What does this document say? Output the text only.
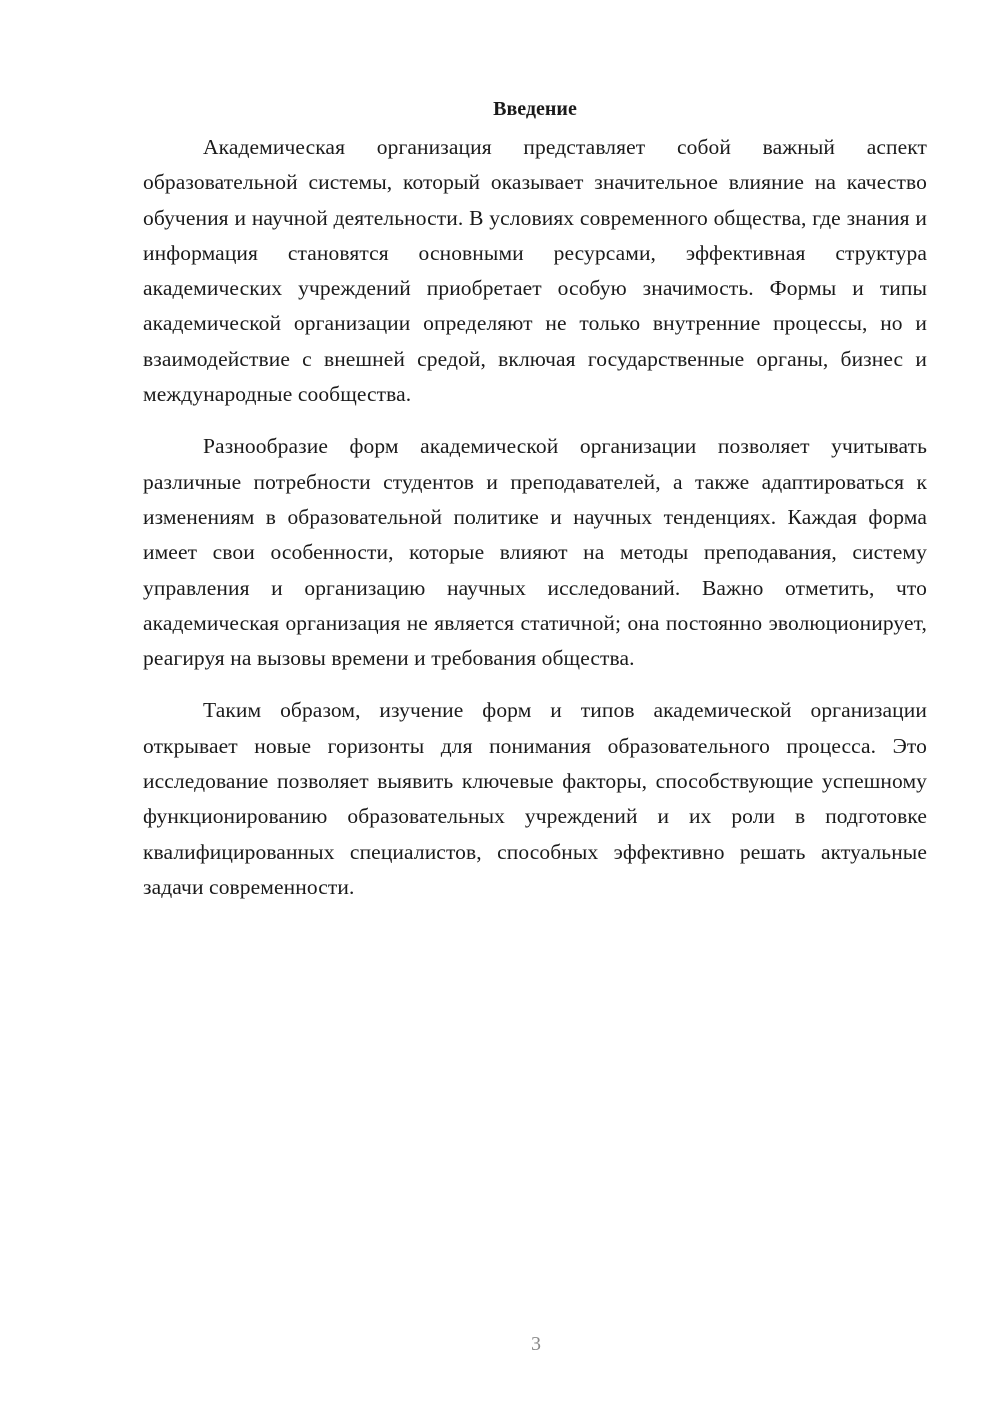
Введение

Академическая организация представляет собой важный аспект образовательной системы, который оказывает значительное влияние на качество обучения и научной деятельности. В условиях современного общества, где знания и информация становятся основными ресурсами, эффективная структура академических учреждений приобретает особую значимость. Формы и типы академической организации определяют не только внутренние процессы, но и взаимодействие с внешней средой, включая государственные органы, бизнес и международные сообщества.

Разнообразие форм академической организации позволяет учитывать различные потребности студентов и преподавателей, а также адаптироваться к изменениям в образовательной политике и научных тенденциях. Каждая форма имеет свои особенности, которые влияют на методы преподавания, систему управления и организацию научных исследований. Важно отметить, что академическая организация не является статичной; она постоянно эволюционирует, реагируя на вызовы времени и требования общества.

Таким образом, изучение форм и типов академической организации открывает новые горизонты для понимания образовательного процесса. Это исследование позволяет выявить ключевые факторы, способствующие успешному функционированию образовательных учреждений и их роли в подготовке квалифицированных специалистов, способных эффективно решать актуальные задачи современности.

3
